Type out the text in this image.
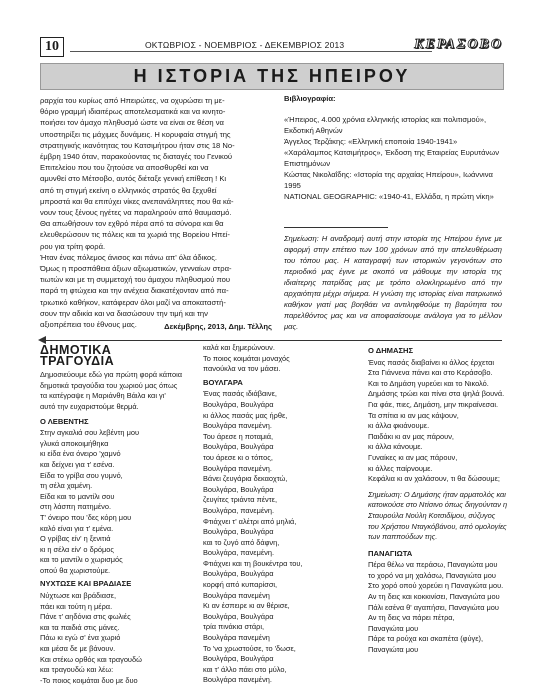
10	ΟΚΤΩΒΡΙΟΣ - ΝΟΕΜΒΡΙΟΣ - ΔΕΚΕΜΒΡΙΟΣ 2013	ΚΕΡΑΣΟΒΟ
Η ΙΣΤΟΡΙΑ ΤΗΣ ΗΠΕΙΡΟΥ
ραρχία του κυρίως από Ηπειρώτες, να οχυρώσει τη με-
θόριο γραμμή ιδιαιτέρως αποτελεσματικά και να κινητο-
ποιήσει τον άμαχο πληθυσμό ώστε να είναι σε θέση να
υποστηρίξει τις μάχιμες δυνάμεις. Η κορυφαία στιγμή της
στρατηγικής ικανότητας του Κατσιμήτρου ήταν στις 18 Νο-
έμβρη 1940 όταν, παρακούοντας τις διαταγές του Γενικού
Επιτελείου που του ζητούσε να αποσθυρθεί και να
αμυνθεί στο Μέτσοβο, αυτός διέταξε γενική επίθεση ! Κι
από τη στιγμή εκείνη ο ελληνικός στρατός θα ξεχυθεί
μπροστά και θα επιτύχει νίκες ανεπανάληπτες που θα κά-
νουν τους ξένους ηγέτες να παραληρούν από θαυμασμό.
Θα απωθήσουν τον εχθρό πέρα από τα σύνορα και θα
ελευθερώσουν τις πόλεις και τα χωριά της Βορείου Ηπεί-
ρου για τρίτη φορά.
Ήταν ένας πόλεμος άνισος και πάνω απ' όλα άδικος.
Όμως η προσπάθεια άξιων αξιωματικών, γενναίων στρα-
τιωτών και με τη συμμετοχή του άμαχου πληθυσμού που
παρά τη φτώχεια και την ανέχεια διακατέχονταν από πα-
τριωτικό καθήκον, κατάφεραν όλοι μαζί να αποκαταστή-
σουν την αδικία και να διασώσουν την τιμή και την
αξιοπρέπεια του έθνους μας.	Δεκέμβρης, 2013, Δημ. Τέλλης
Βιβλιογραφία:
«Ήπειρος, 4.000 χρόνια ελληνικής ιστορίας και πολιτισμού»,
Εκδοτική Αθηνών
Άγγελος Τερζάκης: «Ελληνική εποποιία 1940-1941»
«Χαράλαμπος Κατσιμήτρος», Έκδοση της Εταιρείας Ευρυτάνων
Επιστημόνων
Κώστας Νικολαΐδης: «Ιστορία της αρχαίας Ηπείρου», Ιωάννινα
1995
NATIONAL GEOGRAPHIC: «1940-41, Ελλάδα, η πρώτη νίκη»
Σημείωση: Η αναδρομή αυτή στην ιστορία της Ηπείρου έγινε με αφορμή στην επέτειο των 100 χρόνων από την απελευθέρωση του τόπου μας. Η καταγραφή των ιστορικών γεγονότων στο περιοδικό μας έγινε με σκοπό να μάθουμε την ιστορία της ιδιαίτερης πατρίδας μας με τρόπο ολοκληρωμένο από την αρχαιότητα μέχρι σήμερα. Η γνώση της ιστορίας είναι πατριωτικό καθήκον γιατί μας βοηθάει να αντιληφθούμε τη βαρύτητα του παρελθόντος μας και να αποφασίσουμε ανάλογα για το μέλλον μας.
ΔΗΜΟΤΙΚΑ ΤΡΑΓΟΥΔΙΑ
Δημοσιεύουμε εδώ για πρώτη φορά κάποια δημοτικά τραγούδια του χωριού μας όπως τα κατέγραψε η Μαριάνθη Βάιλα και γι' αυτό την ευχαριστούμε θερμά.
Ο ΛΕΒΕΝΤΗΣ
Στην αγκαλιά σου λεβέντη μου
γλυκά αποκοιμήθηκα
κι είδα ένα όνειρο 'χαμνό
και δείχνει για τ' εσένα.
Είδα το γρίβα σου γυμνό,
τη σέλα χαμένη.
Είδα και το μαντίλι σου
στη λάσπη πατημένο.
Τ' όνειρο που 'δες κόρη μου
καλό είναι για τ' εμένα.
Ο γρίβας είν' η ξενιτιά
κι η σέλα είν' ο δρόμος
και το μαντίλι ο χωρισμός
οπού θα χωριστούμε.
ΝΥΧΤΩΣΕ ΚΑΙ ΒΡΑΔΙΑΣΕ
Νύχτωσε και βράδιασε,
πάει και τούτη η μέρα.
Πάνε τ' αηδόνια στις φωλιές
και τα παιδιά στις μάνες.
Πάω κι εγώ σ' ένα χωριό
και μέσα δε με βάνουν.
Και στέκω ορθός και τραγουδώ
και τραγουδώ και λέω:
-Το ποιος κοιμάται δυο με δυο
καλά και ξημερώνουν.
Το ποιος κοιμάται μοναχός
πανούκλα να τον μάσει.
ΒΟΥΛΓΑΡΑ
Ένας πασάς ιδιάβαινε,
Βουλγάρα, Βουλγάρα
κι άλλος πασάς μας ήρθε,
Βουλγάρα πανεμένη.
Του άρεσε η ποταμιά,
Βουλγάρα, Βουλγάρα
του άρεσε κι ο τόπος,
Βουλγάρα πανεμένη.
Βάνει ζευγάρια δεκαοχτώ,
Βουλγάρα, Βουλγάρα
ζευγίτες τριάντα πέντε,
Βουλγάρα, πανεμένη.
Φτιάχνει τ' αλέτρι από μηλιά,
Βουλγάρα, Βουλγάρα
και το ζυγό από δάφνη,
Βουλγάρα, πανεμένη.
Φτιάχνει και τη βουκέντρα του,
Βουλγάρα, Βουλγάρα
κορφή από κυπαρίσσι,
Βουλγάρα πανεμένη
Κι αν έσπειρε κι αν θέρισε,
Βουλγάρα, Βουλγάρα
τρία πινάκια στάρι,
Βουλγάρα πανεμένη
Το 'να χρωστούσε, το 'δωσε,
Βουλγάρα, Βουλγάρα
και τ' άλλο πάει στο μύλο,
Βουλγάρα πανεμένη.
Ο ΔΗΜΑΣΗΣ
Ένας πασάς διαβαίνει κι άλλος έρχεται
Στα Γιάννενα πάνει και στο Κεράσοβο.
Και το Δημάση γυρεύει και το Νικολό.
Δημάσης τρώει και πίνει στα ψηλά βουνά.
Για φάε, πιες, Δημάση, μην πικραίνεσαι.
Τα σπίτια κι αν μας κάψουν,
κι άλλα φκιάνουμε.
Παιδάκι κι αν μας πάρουν,
κι άλλα κάνουμε.
Γυναίκες κι αν μας πάρουν,
κι άλλες παίρνουμε.
Κεφάλια κι αν χαλάσουν, τι θα δώσουμε;
Σημείωση: Ο Δημάσης ήταν αρματολός και κατοικούσε στο Ντίσινο όπως διηγούνταν η Σταυρούλα Νούλη Κοτσιδίμου, σύζυγος του Χρήστου Νταγκόβάνου, από ομολογίες των παππούδων της.
ΠΑΝΑΓΙΩΤΑ
Πέρα θέλω να περάσω, Παναγιώτα μου
το χορό να μη χαλάσω, Παναγιώτα μου
Στο χορό οπού χορεύει η Παναγιώτα μου.
Αν τη δεις και κοκκινίσει, Παναγιώτα μου
Πάλι εσένα θ' αγαπήσει, Παναγιώτα μου
Αν τη δεις να πάρει πέτρα,
Παναγιώτα μου
Πάρε τα ρούχα και σκαπέτα (φύγε),
Παναγιώτα μου
